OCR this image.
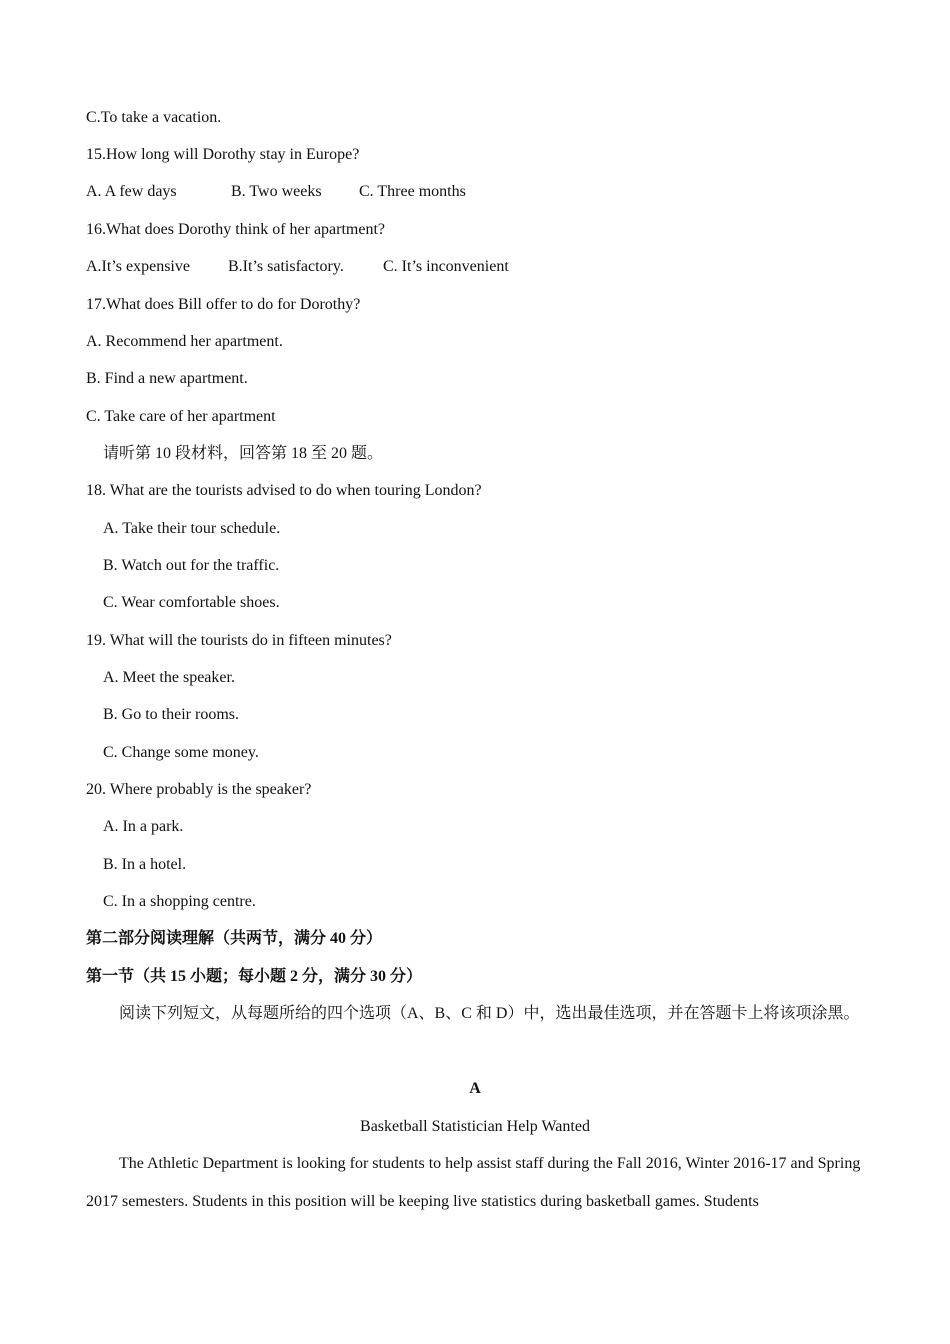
C.To take a vacation.
15.How long will Dorothy stay in Europe?
A. A few days	B. Two weeks C. Three months
16.What does Dorothy think of her apartment?
A.It’s expensive B.It’s satisfactory. C. It’s inconvenient
17.What does Bill offer to do for Dorothy?
A. Recommend her apartment.
B. Find a new apartment.
C. Take care of her apartment
请听第 10 段材料，回答第 18 至 20 题。
18. What are the tourists advised to do when touring London?
A. Take their tour schedule.
B. Watch out for the traffic.
C. Wear comfortable shoes.
19. What will the tourists do in fifteen minutes?
A. Meet the speaker.
B. Go to their rooms.
C. Change some money.
20. Where probably is the speaker?
A. In a park.
B. In a hotel.
C. In a shopping centre.
第二部分阅读理解（共两节，满分 40 分）
第一节（共 15 小题；每小题 2 分，满分 30 分）
阅读下列短文，从每题所给的四个选项（A、B、C 和 D）中，选出最佳选项，并在答题卡上将该项涂黑。
A
Basketball Statistician Help Wanted
The Athletic Department is looking for students to help assist staff during the Fall 2016, Winter 2016-17 and Spring 2017 semesters. Students in this position will be keeping live statistics during basketball games. Students
